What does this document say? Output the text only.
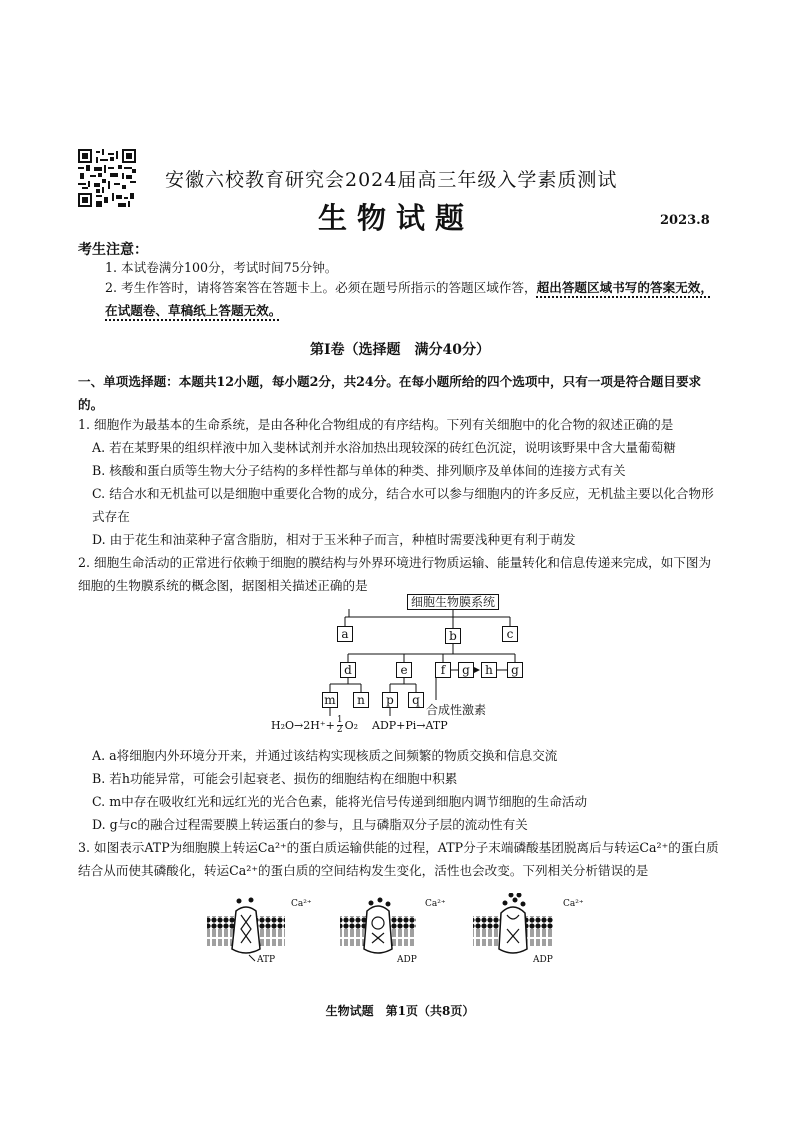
安徽六校教育研究会2024届高三年级入学素质测试
生物试题	2023.8
考生注意：
1. 本试卷满分100分，考试时间75分钟。
2. 考生作答时，请将答案答在答题卡上。必须在题号所指示的答题区域作答，超出答题区域书写的答案无效，在试题卷、草稿纸上答题无效。
第Ⅰ卷（选择题　满分40分）
一、单项选择题：本题共12小题，每小题2分，共24分。在每小题所给的四个选项中，只有一项是符合题目要求的。
1. 细胞作为最基本的生命系统，是由各种化合物组成的有序结构。下列有关细胞中的化合物的叙述正确的是
A. 若在某野果的组织样液中加入斐林试剂并水浴加热出现较深的砖红色沉淀，说明该野果中含大量葡萄糖
B. 核酸和蛋白质等生物大分子结构的多样性都与单体的种类、排列顺序及单体间的连接方式有关
C. 结合水和无机盐可以是细胞中重要化合物的成分，结合水可以参与细胞内的许多反应，无机盐主要以化合物形式存在
D. 由于花生和油菜种子富含脂肪，相对于玉米种子而言，种植时需要浅种更有利于萌发
2. 细胞生命活动的正常进行依赖于细胞的膜结构与外界环境进行物质运输、能量转化和信息传递来完成，如下图为细胞的生物膜系统的概念图，据图相关描述正确的是
细胞生物膜系统
a	b	c
d	e	f	g	h	g
m	n	p	q
合成性激素
$H_2O\to 2H^++ \frac{1}{2} O_2$ ADP+Pi→ATP
A. a将细胞内外环境分开来，并通过该结构实现核质之间频繁的物质交换和信息交流
B. 若h功能异常，可能会引起衰老、损伤的细胞结构在细胞中积累
C. m中存在吸收红光和远红光的光合色素，能将光信号传递到细胞内调节细胞的生命活动
D. g与c的融合过程需要膜上转运蛋白的参与，且与磷脂双分子层的流动性有关
3. 如图表示ATP为细胞膜上转运Ca²⁺的蛋白质运输供能的过程，ATP分子末端磷酸基团脱离后与转运Ca²⁺的蛋白质结合从而使其磷酸化，转运Ca²⁺的蛋白质的空间结构发生变化，活性也会改变。下列相关分析错误的是
Ca²⁺	Ca²⁺	Ca²⁺
ATP	ADP	ADP
生物试题　第1页（共8页）
